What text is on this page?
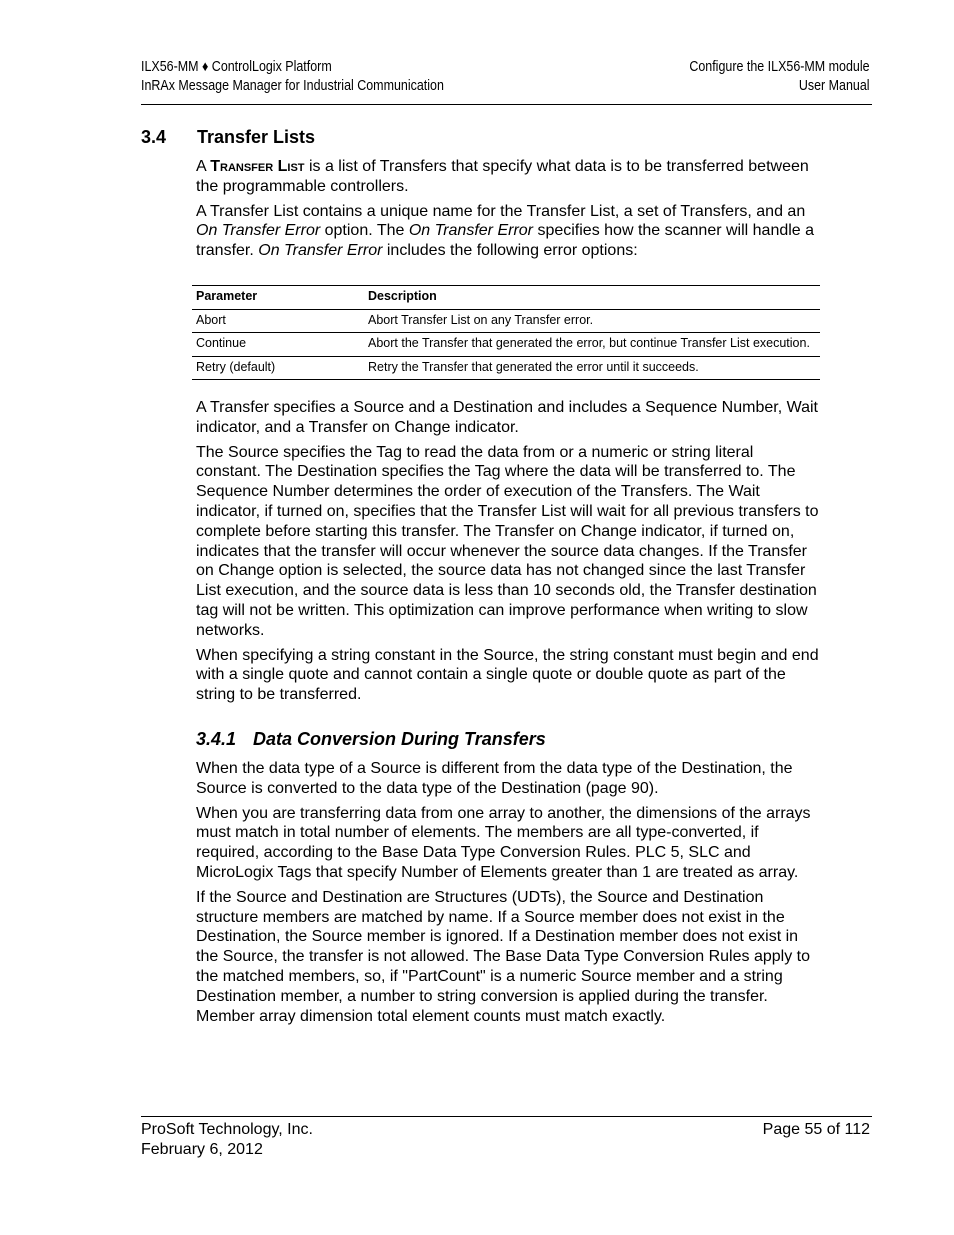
ILX56-MM ♦ ControlLogix Platform
InRAx Message Manager for Industrial Communication
Configure the ILX56-MM module
User Manual
3.4 Transfer Lists

A Transfer List is a list of Transfers that specify what data is to be transferred between the programmable controllers.

A Transfer List contains a unique name for the Transfer List, a set of Transfers, and an On Transfer Error option. The On Transfer Error specifies how the scanner will handle a transfer. On Transfer Error includes the following error options:

Parameter	Description
Abort	Abort Transfer List on any Transfer error.
Continue	Abort the Transfer that generated the error, but continue Transfer List execution.
Retry (default)	Retry the Transfer that generated the error until it succeeds.

A Transfer specifies a Source and a Destination and includes a Sequence Number, Wait indicator, and a Transfer on Change indicator.

The Source specifies the Tag to read the data from or a numeric or string literal constant. The Destination specifies the Tag where the data will be transferred to. The Sequence Number determines the order of execution of the Transfers. The Wait indicator, if turned on, specifies that the Transfer List will wait for all previous transfers to complete before starting this transfer. The Transfer on Change indicator, if turned on, indicates that the transfer will occur whenever the source data changes. If the Transfer on Change option is selected, the source data has not changed since the last Transfer List execution, and the source data is less than 10 seconds old, the Transfer destination tag will not be written. This optimization can improve performance when writing to slow networks.

When specifying a string constant in the Source, the string constant must begin and end with a single quote and cannot contain a single quote or double quote as part of the string to be transferred.

3.4.1 Data Conversion During Transfers

When the data type of a Source is different from the data type of the Destination, the Source is converted to the data type of the Destination (page 90).

When you are transferring data from one array to another, the dimensions of the arrays must match in total number of elements. The members are all type-converted, if required, according to the Base Data Type Conversion Rules. PLC 5, SLC and MicroLogix Tags that specify Number of Elements greater than 1 are treated as array.

If the Source and Destination are Structures (UDTs), the Source and Destination structure members are matched by name. If a Source member does not exist in the Destination, the Source member is ignored. If a Destination member does not exist in the Source, the transfer is not allowed. The Base Data Type Conversion Rules apply to the matched members, so, if "PartCount" is a numeric Source member and a string Destination member, a number to string conversion is applied during the transfer. Member array dimension total element counts must match exactly.

ProSoft Technology, Inc.
February 6, 2012
Page 55 of 112
